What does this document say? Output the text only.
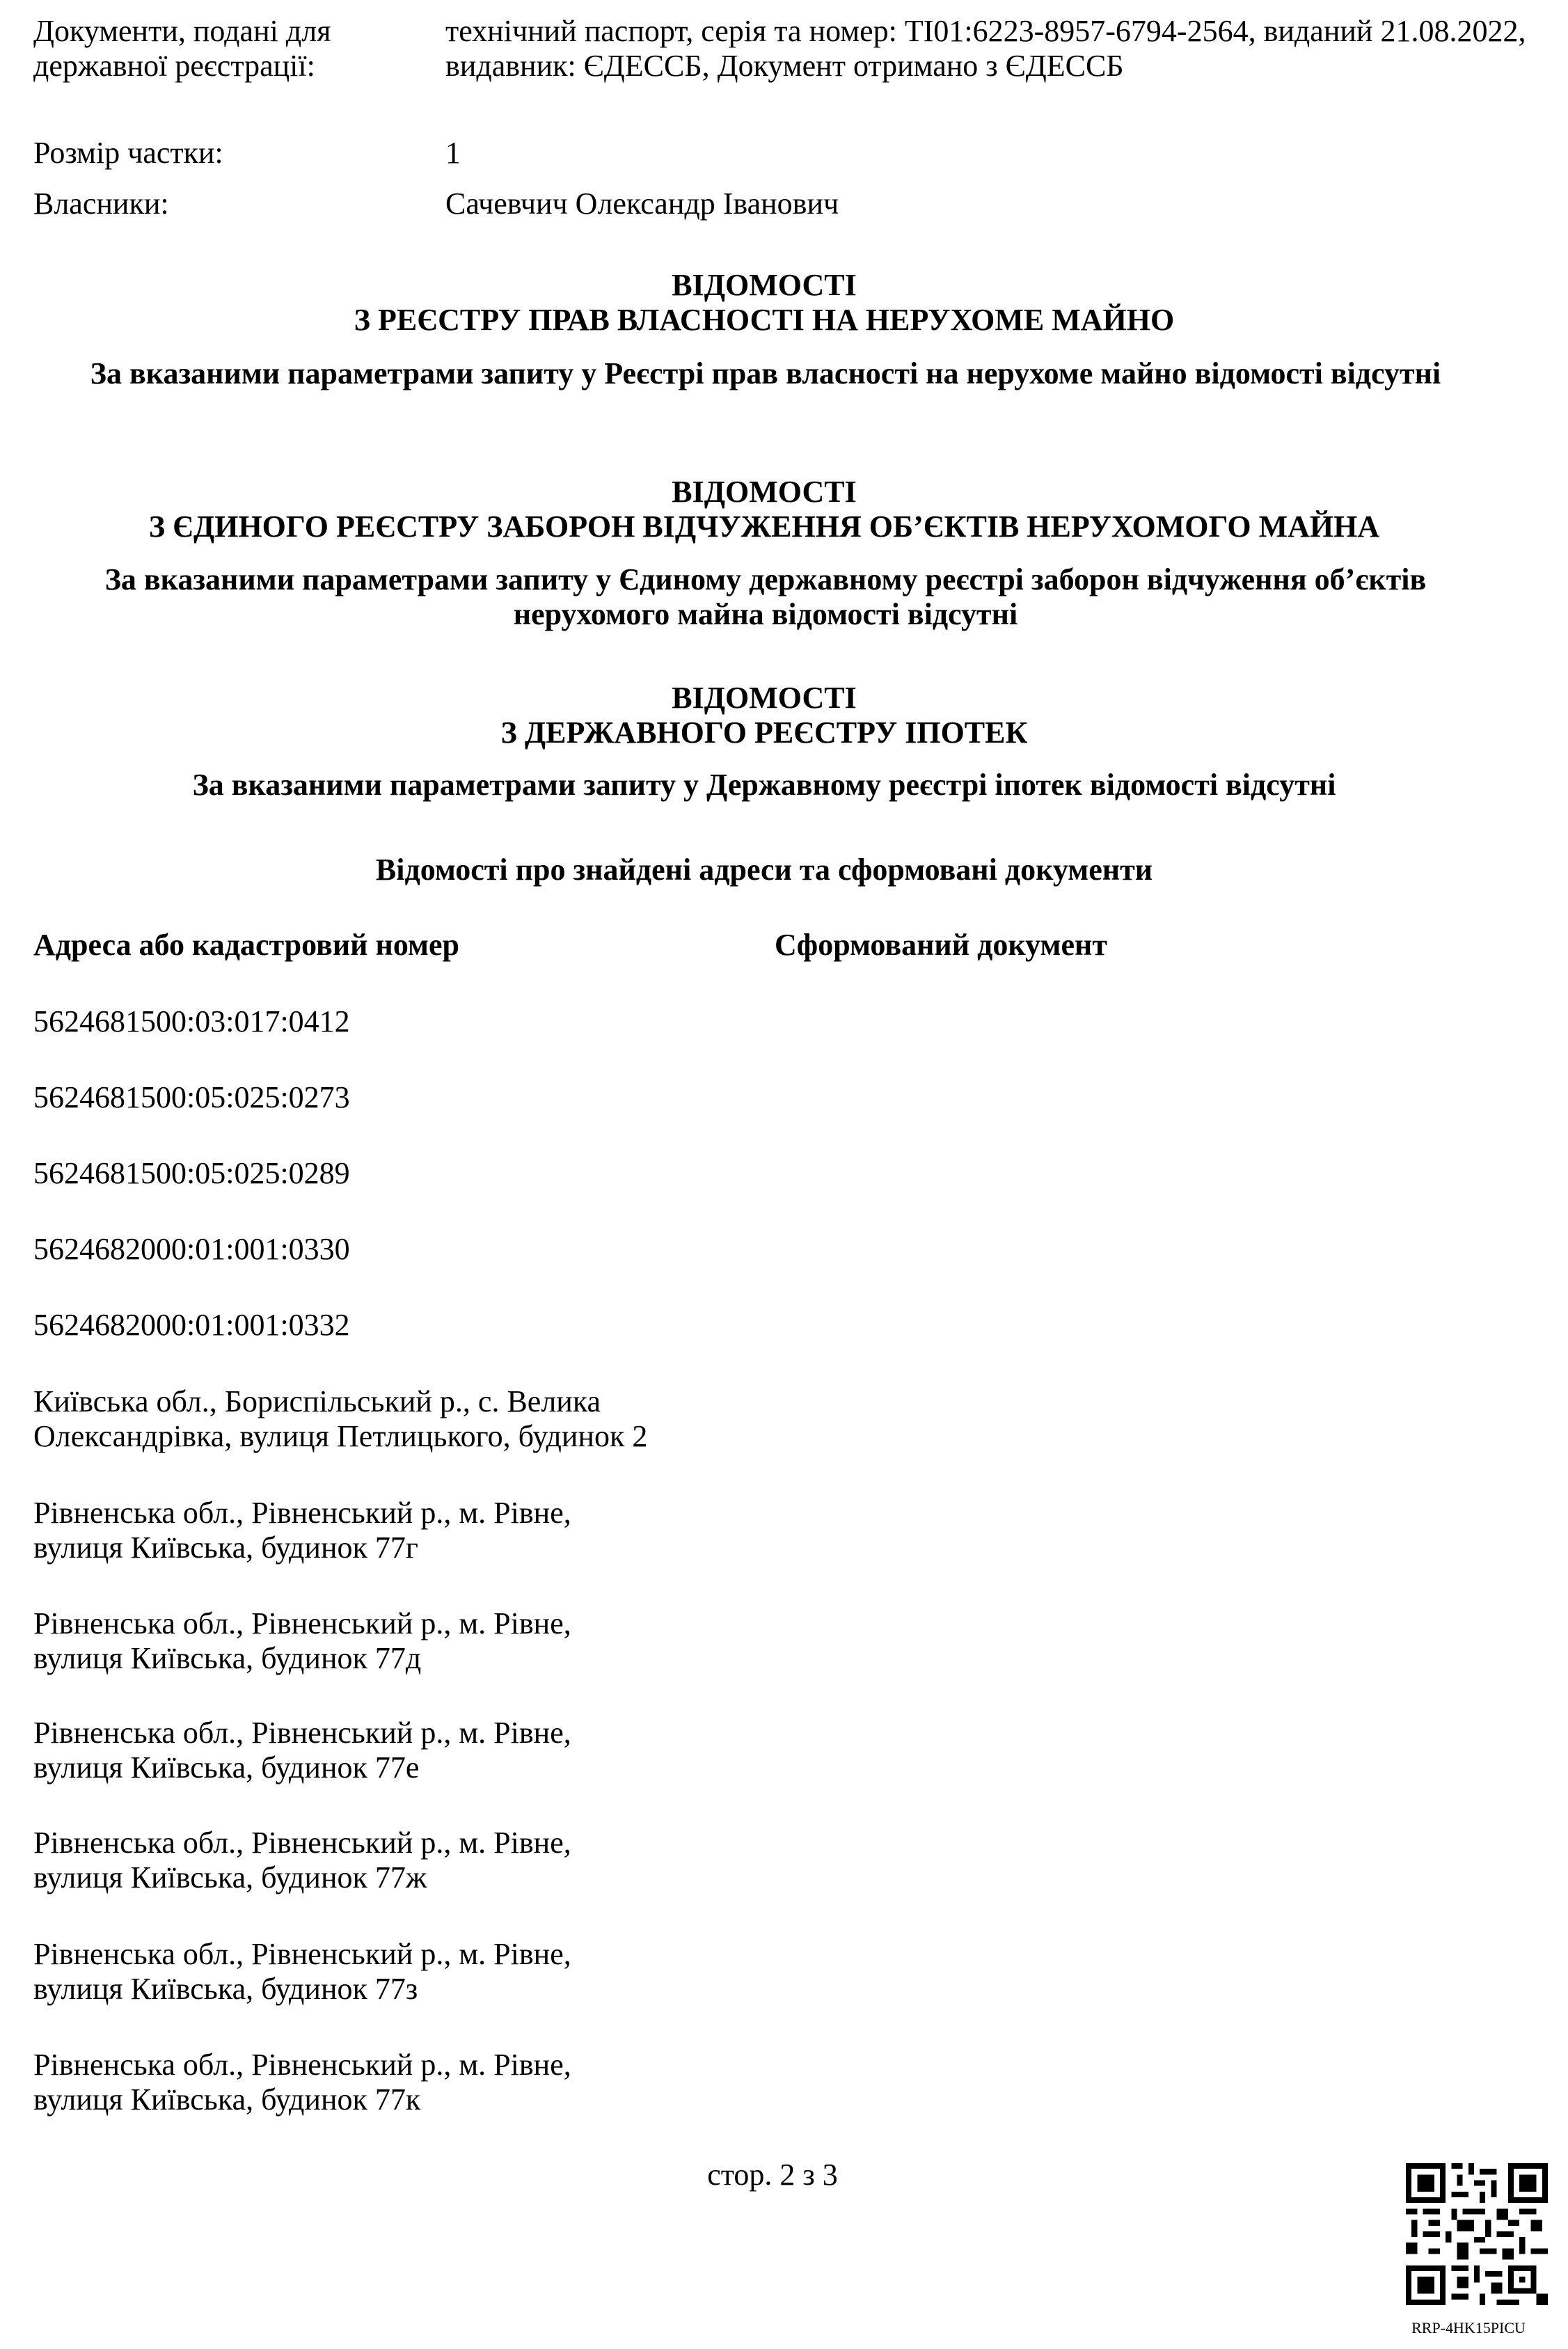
Документи, подані для державної реєстрації:
технічний паспорт, серія та номер: ТІ01:6223-8957-6794-2564, виданий 21.08.2022, видавник: ЄДЕССБ, Документ отримано з ЄДЕССБ
Розмір частки:	1
Власники:	Сачевчич Олександр Іванович
ВІДОМОСТІ
З РЕЄСТРУ ПРАВ ВЛАСНОСТІ НА НЕРУХОМЕ МАЙНО
За вказаними параметрами запиту у Реєстрі прав власності на нерухоме майно відомості відсутні
ВІДОМОСТІ
З ЄДИНОГО РЕЄСТРУ ЗАБОРОН ВІДЧУЖЕННЯ ОБ’ЄКТІВ НЕРУХОМОГО МАЙНА
За вказаними параметрами запиту у Єдиному державному реєстрі заборон відчуження об’єктів нерухомого майна відомості відсутні
ВІДОМОСТІ
З ДЕРЖАВНОГО РЕЄСТРУ ІПОТЕК
За вказаними параметрами запиту у Державному реєстрі іпотек відомості відсутні
Відомості про знайдені адреси та сформовані документи
Адреса або кадастровий номер	Сформований документ
5624681500:03:017:0412
5624681500:05:025:0273
5624681500:05:025:0289
5624682000:01:001:0330
5624682000:01:001:0332
Київська обл., Бориспільський р., с. Велика
Олександрівка, вулиця Петлицького, будинок 2
Рівненська обл., Рівненський р., м. Рівне,
вулиця Київська, будинок 77г
Рівненська обл., Рівненський р., м. Рівне,
вулиця Київська, будинок 77д
Рівненська обл., Рівненський р., м. Рівне,
вулиця Київська, будинок 77е
Рівненська обл., Рівненський р., м. Рівне,
вулиця Київська, будинок 77ж
Рівненська обл., Рівненський р., м. Рівне,
вулиця Київська, будинок 77з
Рівненська обл., Рівненський р., м. Рівне,
вулиця Київська, будинок 77к
стор. 2 з 3
RRP-4HK15PICU
